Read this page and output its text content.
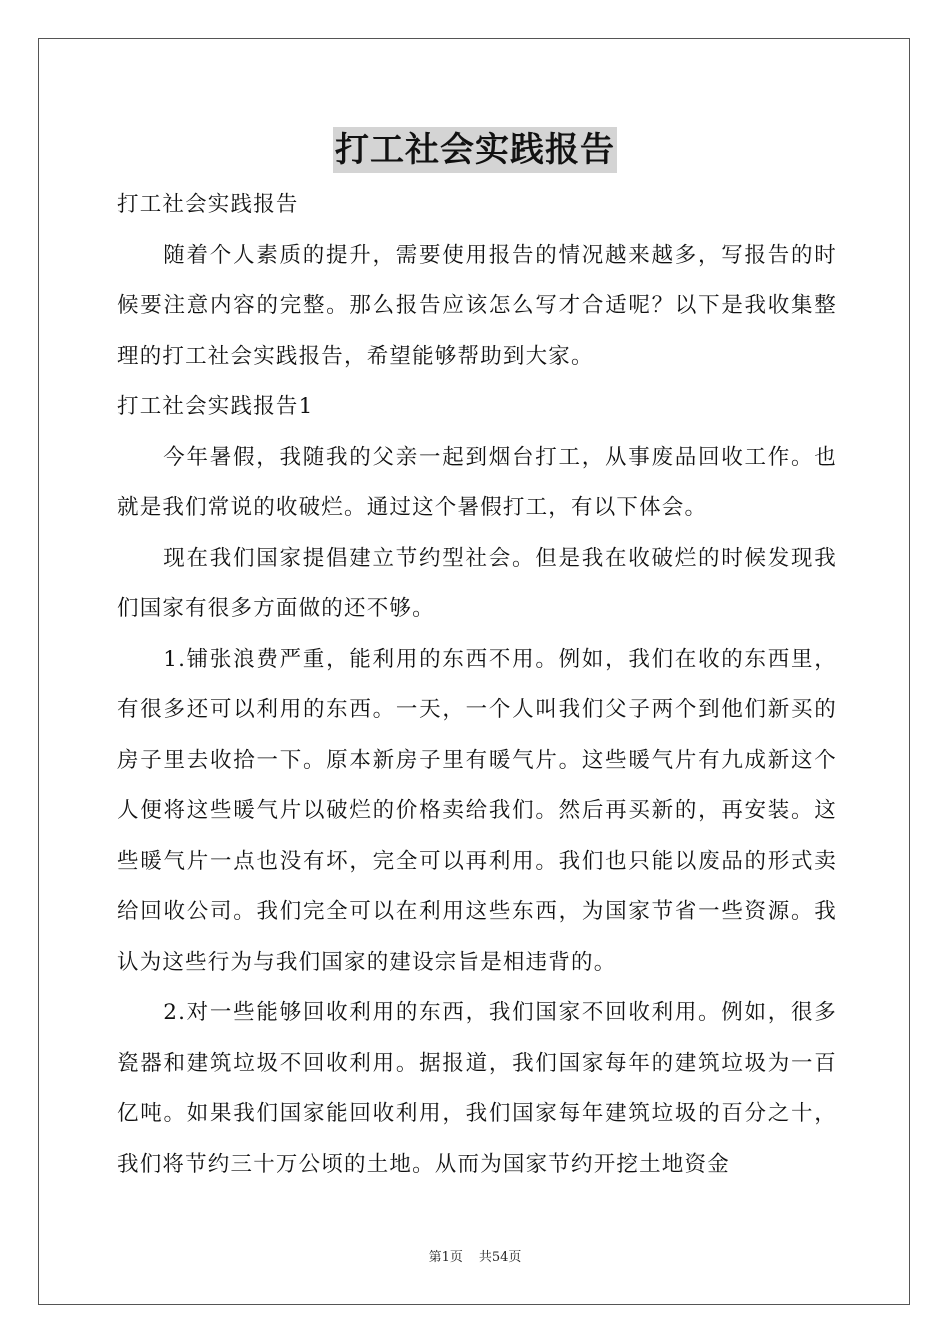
打工社会实践报告

打工社会实践报告

随着个人素质的提升，需要使用报告的情况越来越多，写报告的时候要注意内容的完整。那么报告应该怎么写才合适呢？以下是我收集整理的打工社会实践报告，希望能够帮助到大家。

打工社会实践报告1

今年暑假，我随我的父亲一起到烟台打工，从事废品回收工作。也就是我们常说的收破烂。通过这个暑假打工，有以下体会。

现在我们国家提倡建立节约型社会。但是我在收破烂的时候发现我们国家有很多方面做的还不够。

1.铺张浪费严重，能利用的东西不用。例如，我们在收的东西里，有很多还可以利用的东西。一天，一个人叫我们父子两个到他们新买的房子里去收拾一下。原本新房子里有暖气片。这些暖气片有九成新这个人便将这些暖气片以破烂的价格卖给我们。然后再买新的，再安装。这些暖气片一点也没有坏，完全可以再利用。我们也只能以废品的形式卖给回收公司。我们完全可以在利用这些东西，为国家节省一些资源。我认为这些行为与我们国家的建设宗旨是相违背的。

2.对一些能够回收利用的东西，我们国家不回收利用。例如，很多瓷器和建筑垃圾不回收利用。据报道，我们国家每年的建筑垃圾为一百亿吨。如果我们国家能回收利用，我们国家每年建筑垃圾的百分之十，我们将节约三十万公顷的土地。从而为国家节约开挖土地资金

第1页 共54页
